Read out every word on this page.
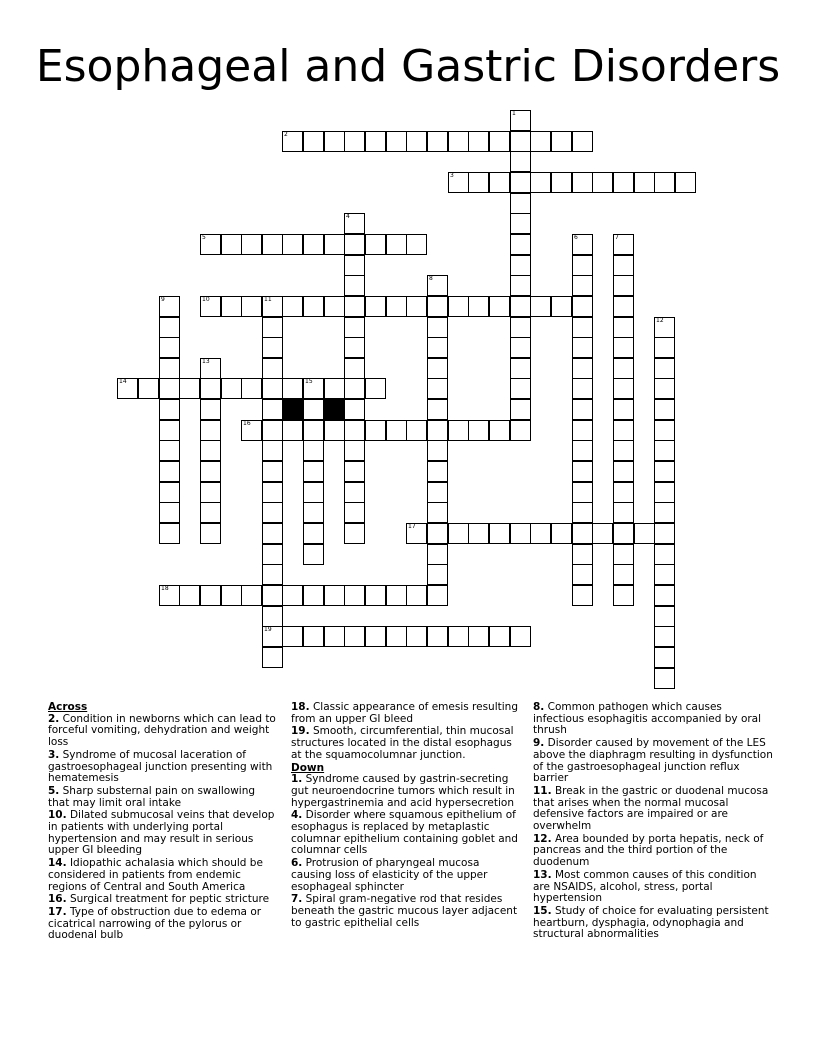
Esophageal and Gastric Disorders
1
2
3
4
5	6	7
8
9	10	11
19
12
13
14	15
16
17
18
Across
2. Condition in newborns which can lead to forceful vomiting, dehydration and weight loss
3. Syndrome of mucosal laceration of gastroesophageal junction presenting with hematemesis
5. Sharp substernal pain on swallowing that may limit oral intake
10. Dilated submucosal veins that develop in patients with underlying portal hypertension and may result in serious upper GI bleeding
14. Idiopathic achalasia which should be considered in patients from endemic regions of Central and South America
16. Surgical treatment for peptic stricture
17. Type of obstruction due to edema or cicatrical narrowing of the pylorus or duodenal bulb
18. Classic appearance of emesis resulting from an upper GI bleed
19. Smooth, circumferential, thin mucosal structures located in the distal esophagus at the squamocolumnar junction.
Down
1. Syndrome caused by gastrin-secreting gut neuroendocrine tumors which result in hypergastrinemia and acid hypersecretion
4. Disorder where squamous epithelium of esophagus is replaced by metaplastic columnar epithelium containing goblet and columnar cells
6. Protrusion of pharyngeal mucosa causing loss of elasticity of the upper esophageal sphincter
7. Spiral gram-negative rod that resides beneath the gastric mucous layer adjacent to gastric epithelial cells
8. Common pathogen which causes infectious esophagitis accompanied by oral thrush
9. Disorder caused by movement of the LES above the diaphragm resulting in dysfunction of the gastroesophageal junction reflux barrier
11. Break in the gastric or duodenal mucosa that arises when the normal mucosal defensive factors are impaired or are overwhelm
12. Area bounded by porta hepatis, neck of pancreas and the third portion of the duodenum
13. Most common causes of this condition are NSAIDS, alcohol, stress, portal hypertension
15. Study of choice for evaluating persistent heartburn, dysphagia, odynophagia and structural abnormalities
